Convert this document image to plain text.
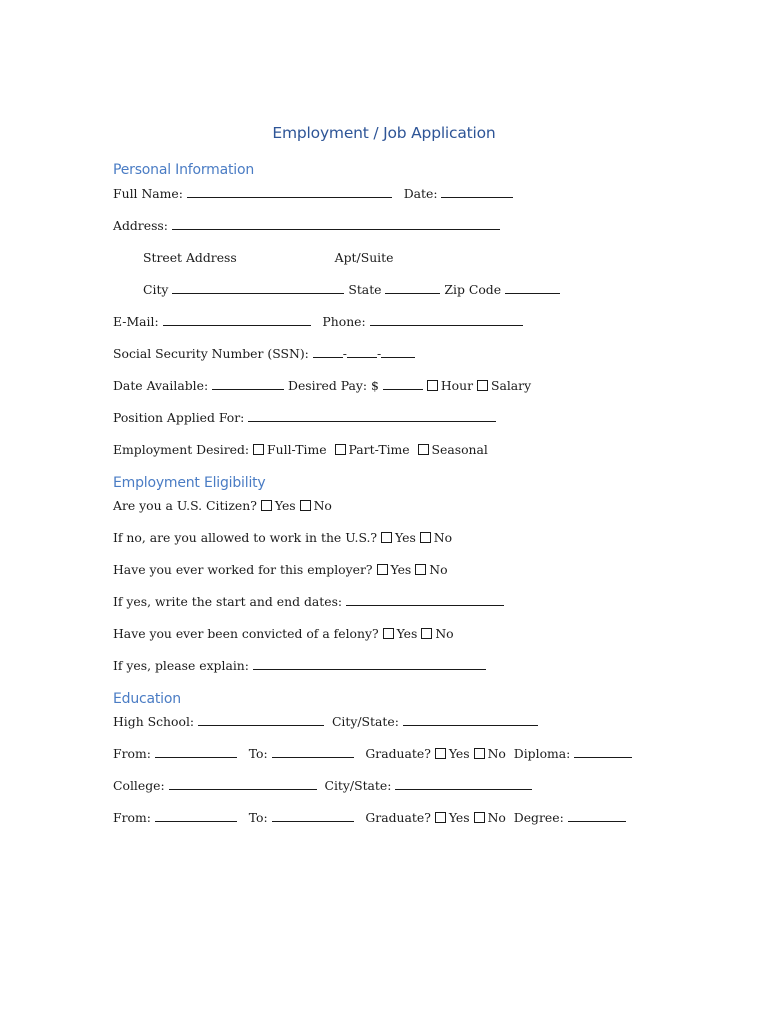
Employment / Job Application
Personal Information
Full Name:	Date:
Address:
Street Address	Apt/Suite
City	State	Zip Code
E-Mail:	Phone:
Social Security Number (SSN):	- -
Date Available:	Desired Pay: $	Hour Salary
Position Applied For:
Employment Desired: Full-Time Part-Time Seasonal
Employment Eligibility
Are you a U.S. Citizen? Yes No
If no, are you allowed to work in the U.S.? Yes No
Have you ever worked for this employer? Yes No
If yes, write the start and end dates:
Have you ever been convicted of a felony? Yes No
If yes, please explain:
Education
High School:	City/State:
From:	To:	Graduate? Yes No Diploma:
College:	City/State:
From:	To:	Graduate? Yes No Degree:
